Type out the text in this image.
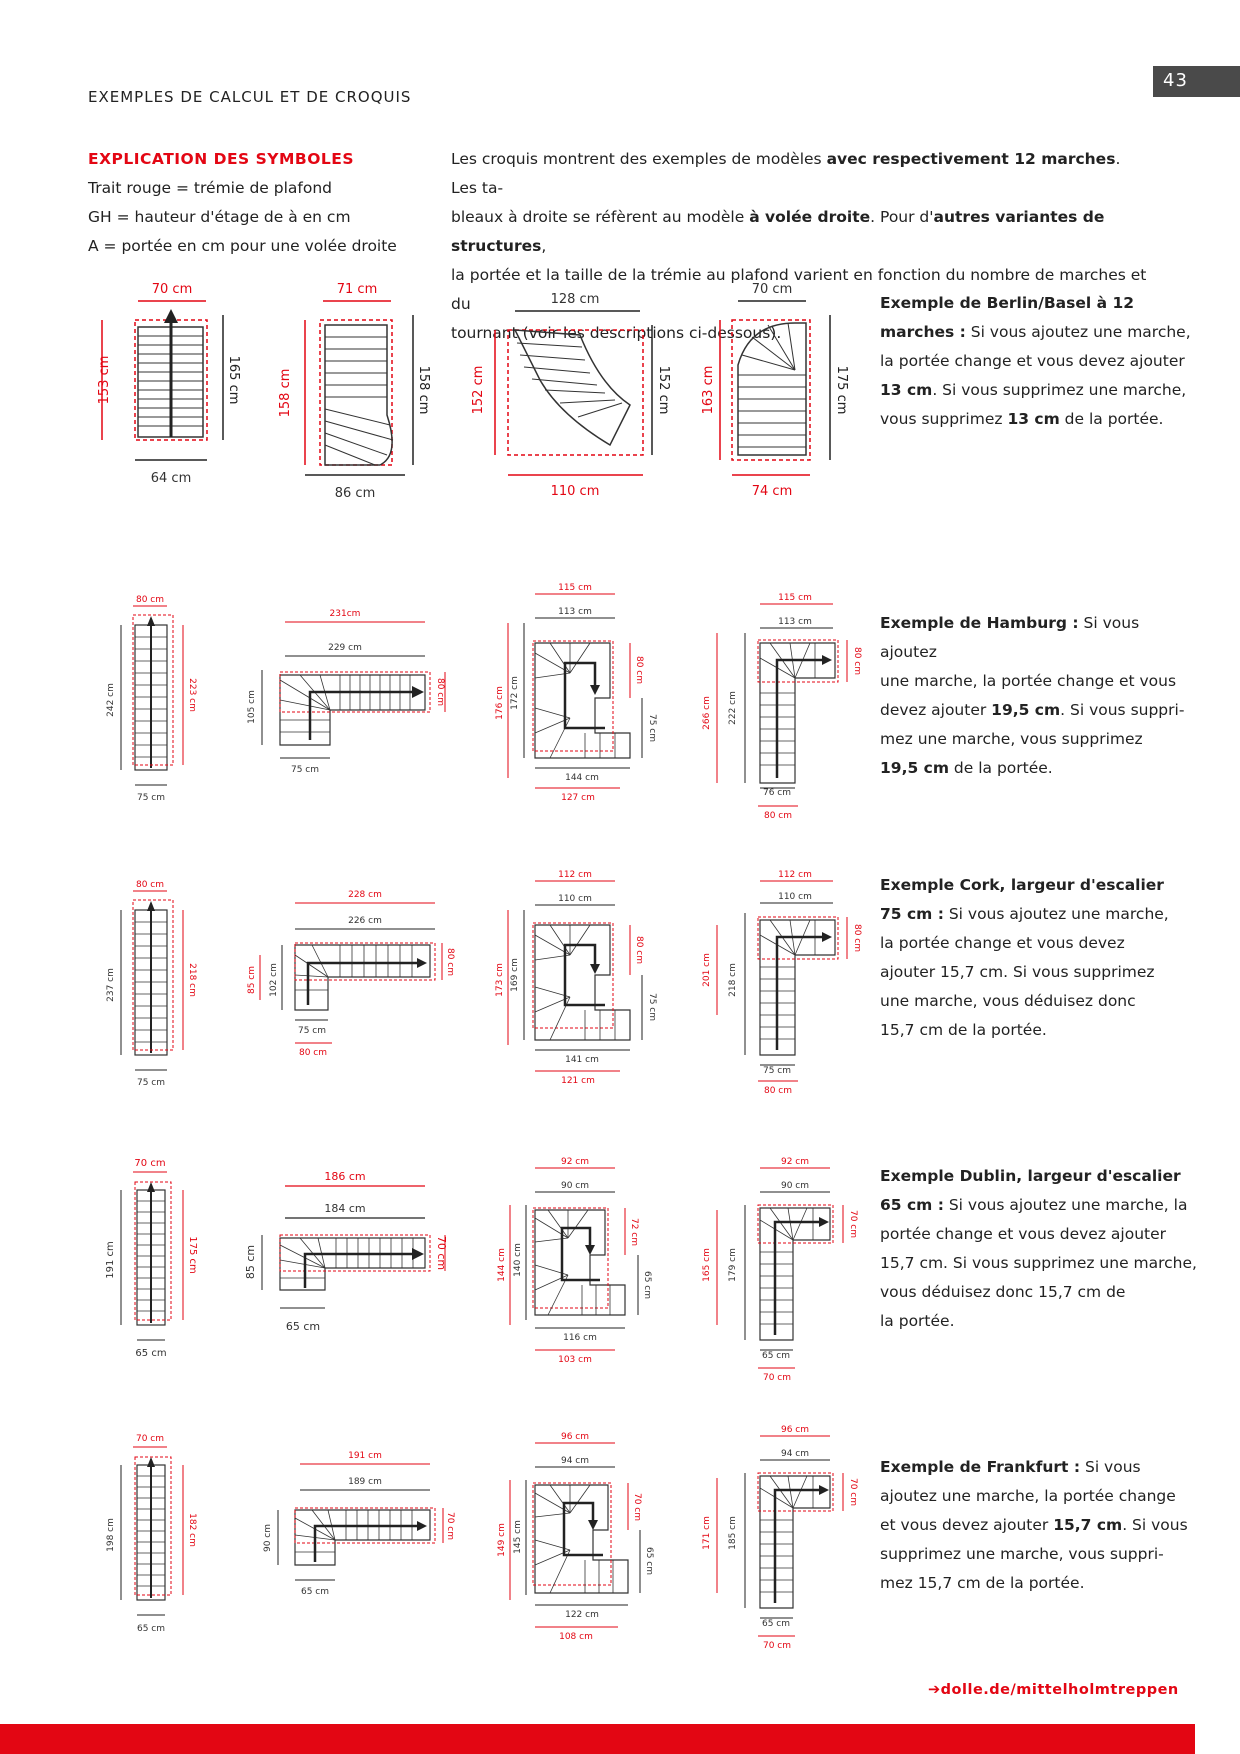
43
EXEMPLES DE CALCUL ET DE CROQUIS
EXPLICATION DES SYMBOLES
Trait rouge = trémie de plafond
GH = hauteur d'étage de à en cm
A = portée en cm pour une volée droite
Les croquis montrent des exemples de modèles avec respectivement 12 marches. Les ta-
bleaux à droite se réfèrent au modèle à volée droite. Pour d'autres variantes de structures,
la portée et la taille de la trémie au plafond varient en fonction du nombre de marches et du
tournant (voir les descriptions ci-dessous).
Exemple de Berlin/Basel à 12
marches : Si vous ajoutez une marche,
la portée change et vous devez ajouter
13 cm. Si vous supprimez une marche,
vous supprimez 13 cm de la portée.
Exemple de Hamburg : Si vous ajoutez
une marche, la portée change et vous
devez ajouter 19,5 cm. Si vous suppri-
mez une marche, vous supprimez
19,5 cm de la portée.
Exemple Cork, largeur d'escalier
75 cm : Si vous ajoutez une marche,
la portée change et vous devez
ajouter 15,7 cm. Si vous supprimez
une marche, vous déduisez donc
15,7 cm de la portée.
Exemple Dublin, largeur d'escalier
65 cm : Si vous ajoutez une marche, la
portée change et vous devez ajouter
15,7 cm. Si vous supprimez une marche,
vous déduisez donc 15,7 cm de
la portée.
Exemple de Frankfurt : Si vous
ajoutez une marche, la portée change
et vous devez ajouter 15,7 cm. Si vous
supprimez une marche, vous suppri-
mez 15,7 cm de la portée.
70 cm
153 cm	165 cm
64 cm
71 cm
158 cm	158 cm
86 cm
128 cm
152 cm	152 cm
110 cm
70 cm
163 cm	175 cm
74 cm
80 cm
242 cm	223 cm
75 cm
231cm
229 cm
105 cm	80 cm
75 cm
115 cm
113 cm
176 cm 172 cm
80 cm
75 cm
144 cm
127 cm
115 cm
113 cm
266 cm 222 cm
80 cm
76 cm
80 cm
80 cm
237 cm	218 cm
75 cm
228 cm
226 cm
85 cm 102 cm
80 cm
75 cm
80 cm
112 cm
110 cm
173 cm 169 cm
80 cm
75 cm
141 cm
121 cm
112 cm
110 cm
201 cm 218 cm
80 cm
75 cm
80 cm
70 cm
191 cm	175 cm
65 cm
186 cm
184 cm
85 cm	70 cm
65 cm
92 cm
90 cm
144 cm 140 cm
72 cm
65 cm
116 cm
103 cm
92 cm
90 cm
165 cm 179 cm
70 cm
65 cm
70 cm
70 cm
198 cm	182 cm
65 cm
191 cm
189 cm
90 cm	70 cm
65 cm
96 cm
94 cm
149 cm 145 cm
70 cm
65 cm
122 cm
108 cm
96 cm
94 cm
171 cm 185 cm
70 cm
65 cm
70 cm
➔dolle.de/mittelholmtreppen
